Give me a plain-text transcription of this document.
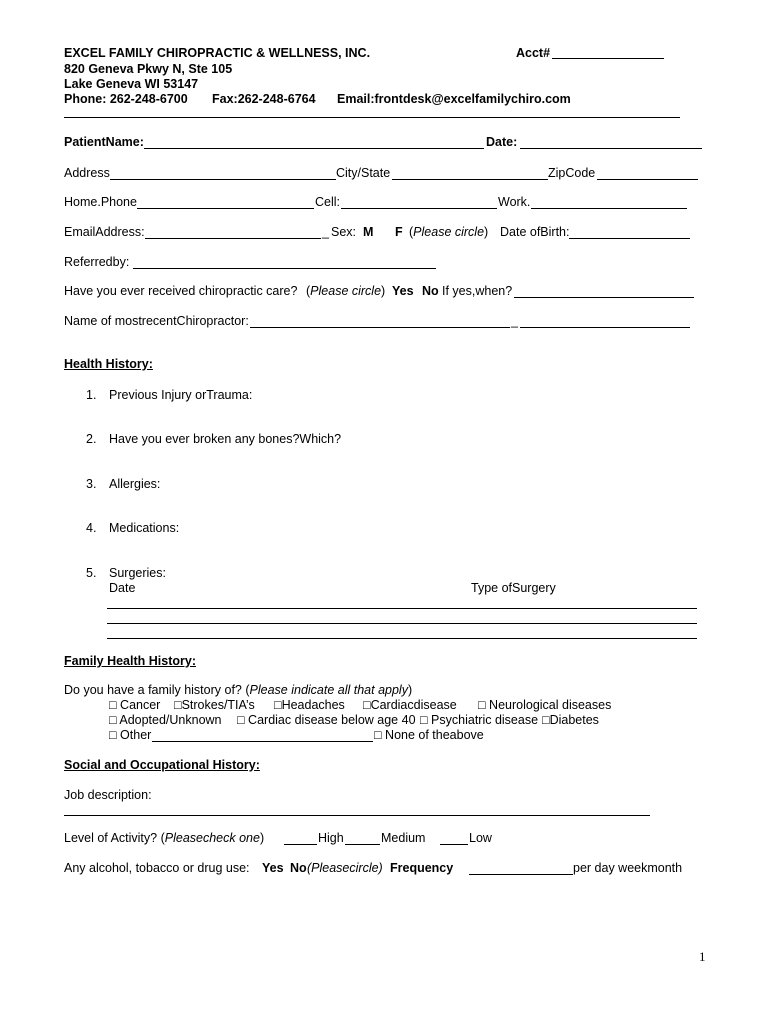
EXCEL FAMILY CHIROPRACTIC & WELLNESS, INC.	Acct#
820 Geneva Pkwy N, Ste 105
Lake Geneva WI 53147
Phone: 262-248-6700 Fax:262-248-6764 Email:frontdesk@excelfamilychiro.com
PatientName:	Date:
Address	City/State	ZipCode
Home.Phone	Cell:	Work.
EmailAddress:	_ Sex: M F (Please circle) Date ofBirth:
Referredby:
Have you ever received chiropractic care? (Please circle) Yes No If yes,when?
Name of mostrecentChiropractor:	_
Health History:
1. Previous Injury orTrauma:
2. Have you ever broken any bones?Which?
3. Allergies:
4. Medications:
5. Surgeries:
Date	Type ofSurgery
Family Health History:
Do you have a family history of? (Please indicate all that apply)
□ Cancer □Strokes/TIA’s □Headaches □Cardiacdisease □ Neurological diseases
□ Adopted/Unknown □ Cardiac disease below age 40 □ Psychiatric disease □Diabetes
□ Other	□ None of theabove
Social and Occupational History:
Job description:
Level of Activity? (Pleasecheck one)	High	Medium	Low
Any alcohol, tobacco or drug use: Yes No (Pleasecircle) Frequency	per day weekmonth
1
